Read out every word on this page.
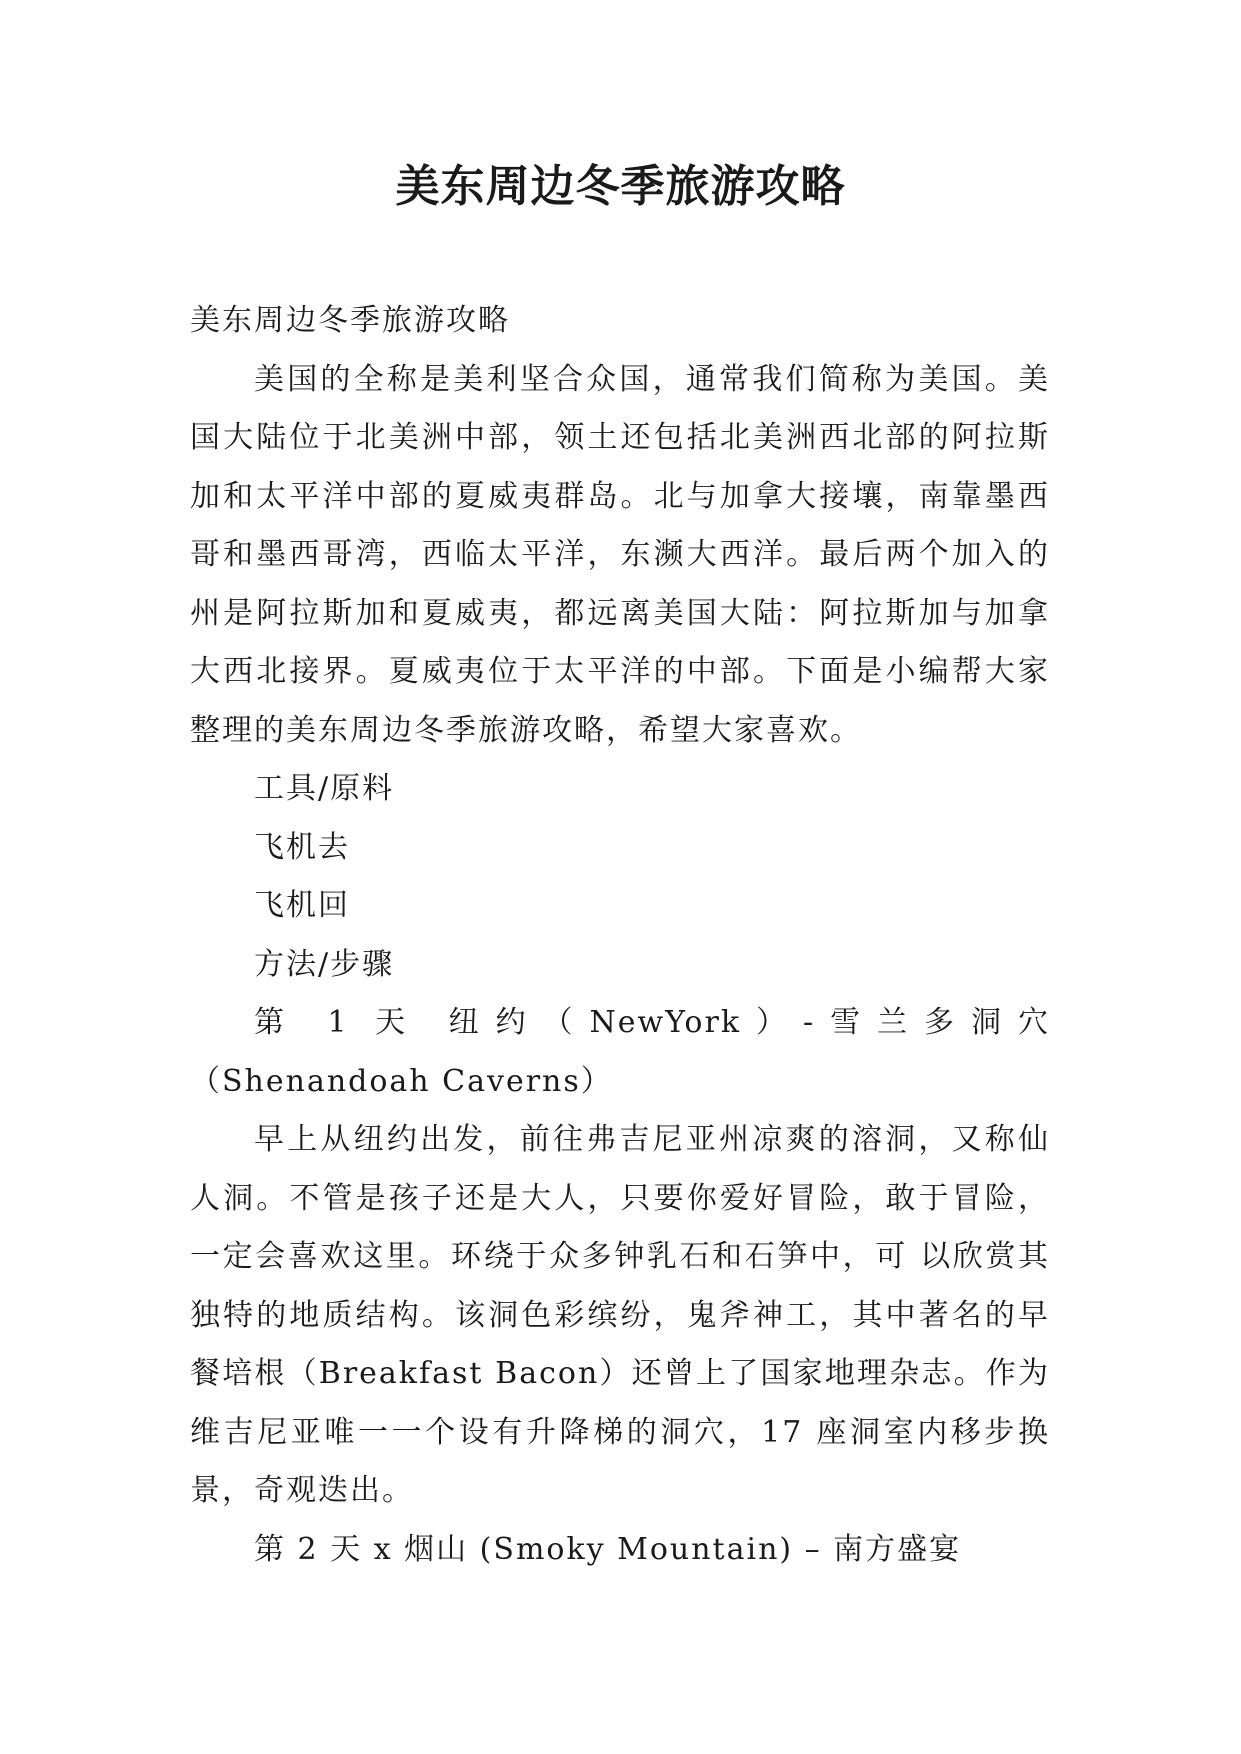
美东周边冬季旅游攻略

美东周边冬季旅游攻略

美国的全称是美利坚合众国，通常我们简称为美国。美国大陆位于北美洲中部，领土还包括北美洲西北部的阿拉斯加和太平洋中部的夏威夷群岛。北与加拿大接壤，南靠墨西哥和墨西哥湾，西临太平洋，东濒大西洋。最后两个加入的州是阿拉斯加和夏威夷，都远离美国大陆：阿拉斯加与加拿大西北接界。夏威夷位于太平洋的中部。下面是小编帮大家整理的美东周边冬季旅游攻略，希望大家喜欢。

工具/原料

飞机去

飞机回

方法/步骤

第 1 天 纽约（NewYork）-雪兰多洞穴（Shenandoah Caverns）

早上从纽约出发，前往弗吉尼亚州凉爽的溶洞，又称仙人洞。不管是孩子还是大人，只要你爱好冒险，敢于冒险，一定会喜欢这里。环绕于众多钟乳石和石笋中，可 以欣赏其独特的地质结构。该洞色彩缤纷，鬼斧神工，其中著名的早餐培根（Breakfast Bacon）还曾上了国家地理杂志。作为维吉尼亚唯一一个设有升降梯的洞穴，17 座洞室内移步换景，奇观迭出。

第 2 天 x 烟山 (Smoky Mountain) – 南方盛宴
